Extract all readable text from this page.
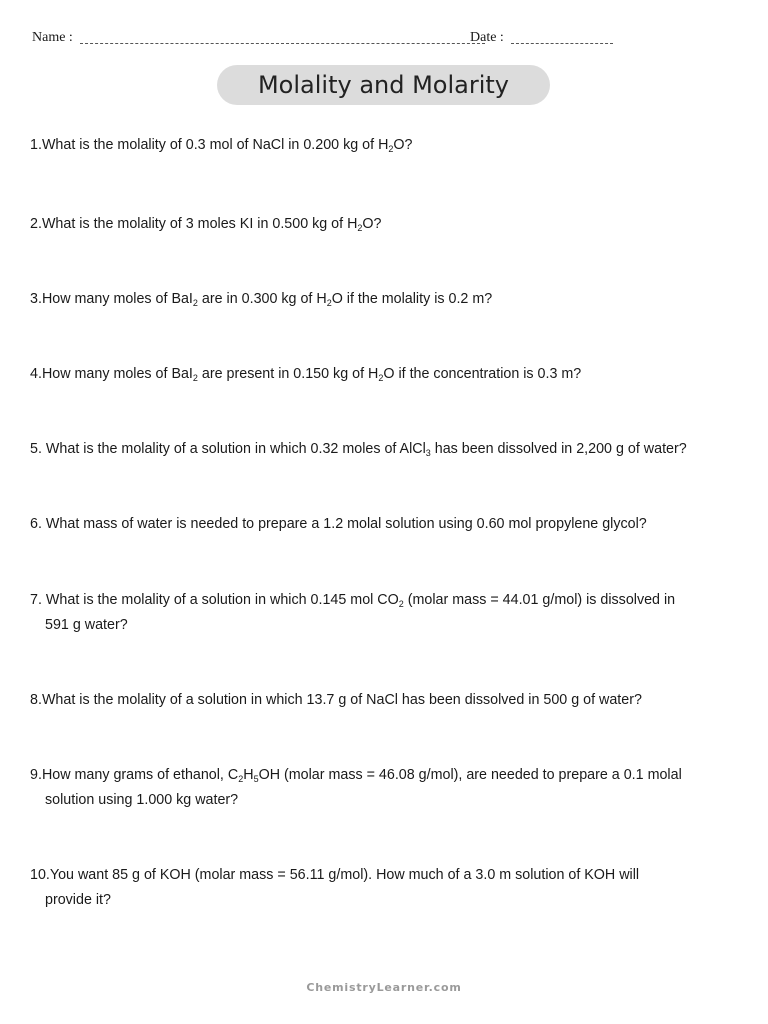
Name :	Date :
Molality and Molarity
1.What is the molality of 0.3 mol of NaCl in 0.200 kg of $H_2O$?
2.What is the molality of 3 moles KI in 0.500 kg of $H_2O$?
3.How many moles of BaI$_2$ are in 0.300 kg of $H_2O$ if the molality is 0.2 m?
4.How many moles of BaI$_2$ are present in 0.150 kg of $H_2O$ if the concentration is 0.3 m?
5. What is the molality of a solution in which 0.32 moles of AlCl$_3$ has been dissolved in 2,200 g of water?
6. What mass of water is needed to prepare a 1.2 molal solution using 0.60 mol propylene glycol?
7. What is the molality of a solution in which 0.145 mol $CO_2$ (molar mass = 44.01 g/mol) is dissolved in
591 g water?
8.What is the molality of a solution in which 13.7 g of NaCl has been dissolved in 500 g of water?
9.How many grams of ethanol, $C_2H_5OH$ (molar mass = 46.08 g/mol), are needed to prepare a 0.1 molal
solution using 1.000 kg water?
10.You want 85 g of KOH (molar mass = 56.11 g/mol). How much of a 3.0 m solution of KOH will
provide it?
ChemistryLearner.com
